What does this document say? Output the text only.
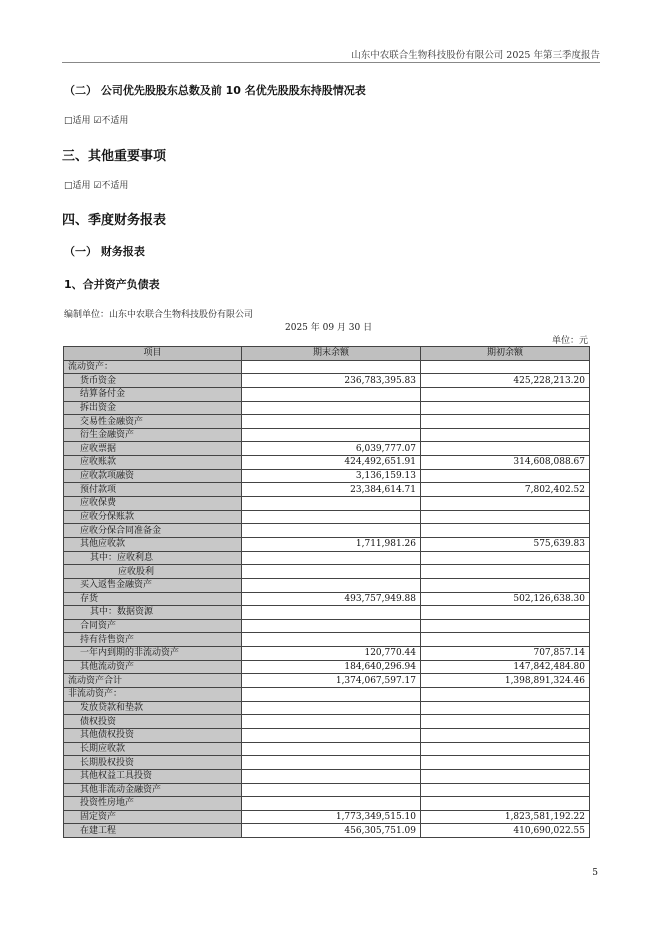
山东中农联合生物科技股份有限公司 2025 年第三季度报告
（二） 公司优先股股东总数及前 10 名优先股股东持股情况表
□适用 ☑不适用
三、其他重要事项
□适用 ☑不适用
四、季度财务报表
（一） 财务报表
1、合并资产负债表
编制单位：山东中农联合生物科技股份有限公司
2025 年 09 月 30 日
单位：元
项目	期末余额	期初余额
流动资产：		
货币资金	236,783,395.83	425,228,213.20
结算备付金		
拆出资金		
交易性金融资产		
衍生金融资产		
应收票据	6,039,777.07	
应收账款	424,492,651.91	314,608,088.67
应收款项融资	3,136,159.13	
预付款项	23,384,614.71	7,802,402.52
应收保费		
应收分保账款		
应收分保合同准备金		
其他应收款	1,711,981.26	575,639.83
其中：应收利息		
应收股利		
买入返售金融资产		
存货	493,757,949.88	502,126,638.30
其中：数据资源		
合同资产		
持有待售资产		
一年内到期的非流动资产	120,770.44	707,857.14
其他流动资产	184,640,296.94	147,842,484.80
流动资产合计	1,374,067,597.17	1,398,891,324.46
非流动资产：		
发放贷款和垫款		
债权投资		
其他债权投资		
长期应收款		
长期股权投资		
其他权益工具投资		
其他非流动金融资产		
投资性房地产		
固定资产	1,773,349,515.10	1,823,581,192.22
在建工程	456,305,751.09	410,690,022.55
5
